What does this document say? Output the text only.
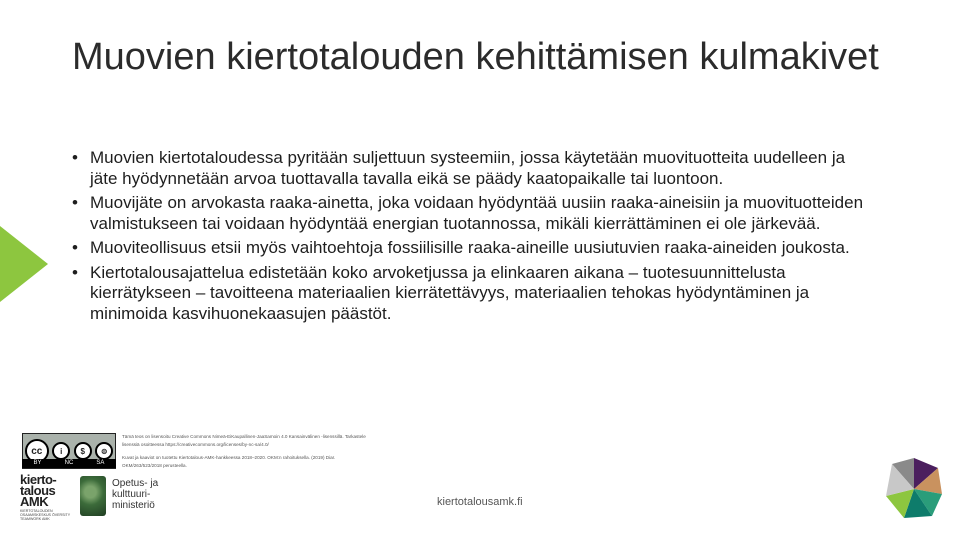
Muovien kiertotalouden kehittämisen kulmakivet
• Muovien kiertotaloudessa pyritään suljettuun systeemiin, jossa käytetään muovituotteita uudelleen ja jäte hyödynnetään arvoa tuottavalla tavalla eikä se päädy kaatopaikalle tai luontoon.
• Muovijäte on arvokasta raaka-ainetta, joka voidaan hyödyntää uusiin raaka-aineisiin ja muovituotteiden valmistukseen tai voidaan hyödyntää energian tuotannossa, mikäli kierrättäminen ei ole järkevää.
• Muoviteollisuus etsii myös vaihtoehtoja fossiilisille raaka-aineille uusiutuvien raaka-aineiden joukosta.
• Kiertotalousajattelua edistetään koko arvoketjussa ja elinkaaren aikana – tuotesuunnittelusta kierrätykseen – tavoitteena materiaalien kierrätettävyys, materiaalien tehokas hyödyntäminen ja minimoida kasvihuonekaasujen päästöt.
cc	i	$	⊜
BY	NC	SA

Tämä teos on lisensoitu Creative Commons Nimeä-EiKaupallinen-JaaSamoin 4.0 Kansainvälinen -lisenssillä. Tarkastele lisenssiä osoitteessa https://creativecommons.org/licenses/by-nc-sa/4.0/

Kuvat ja kaaviot on tuotettu Kiertotalous-AMK-hankkeessa 2018–2020. OKM:n rahoituksella. (2019) Diar. OKM/263/523/2018 perusteella.

kierto-
talous
AMK
KIERTOTALOUDEN OSAAMISKESKUS ŌVERSITY TEAMWORK AMK
Opetus- ja
kulttuuri-
ministeriö	kiertotalousamk.fi
